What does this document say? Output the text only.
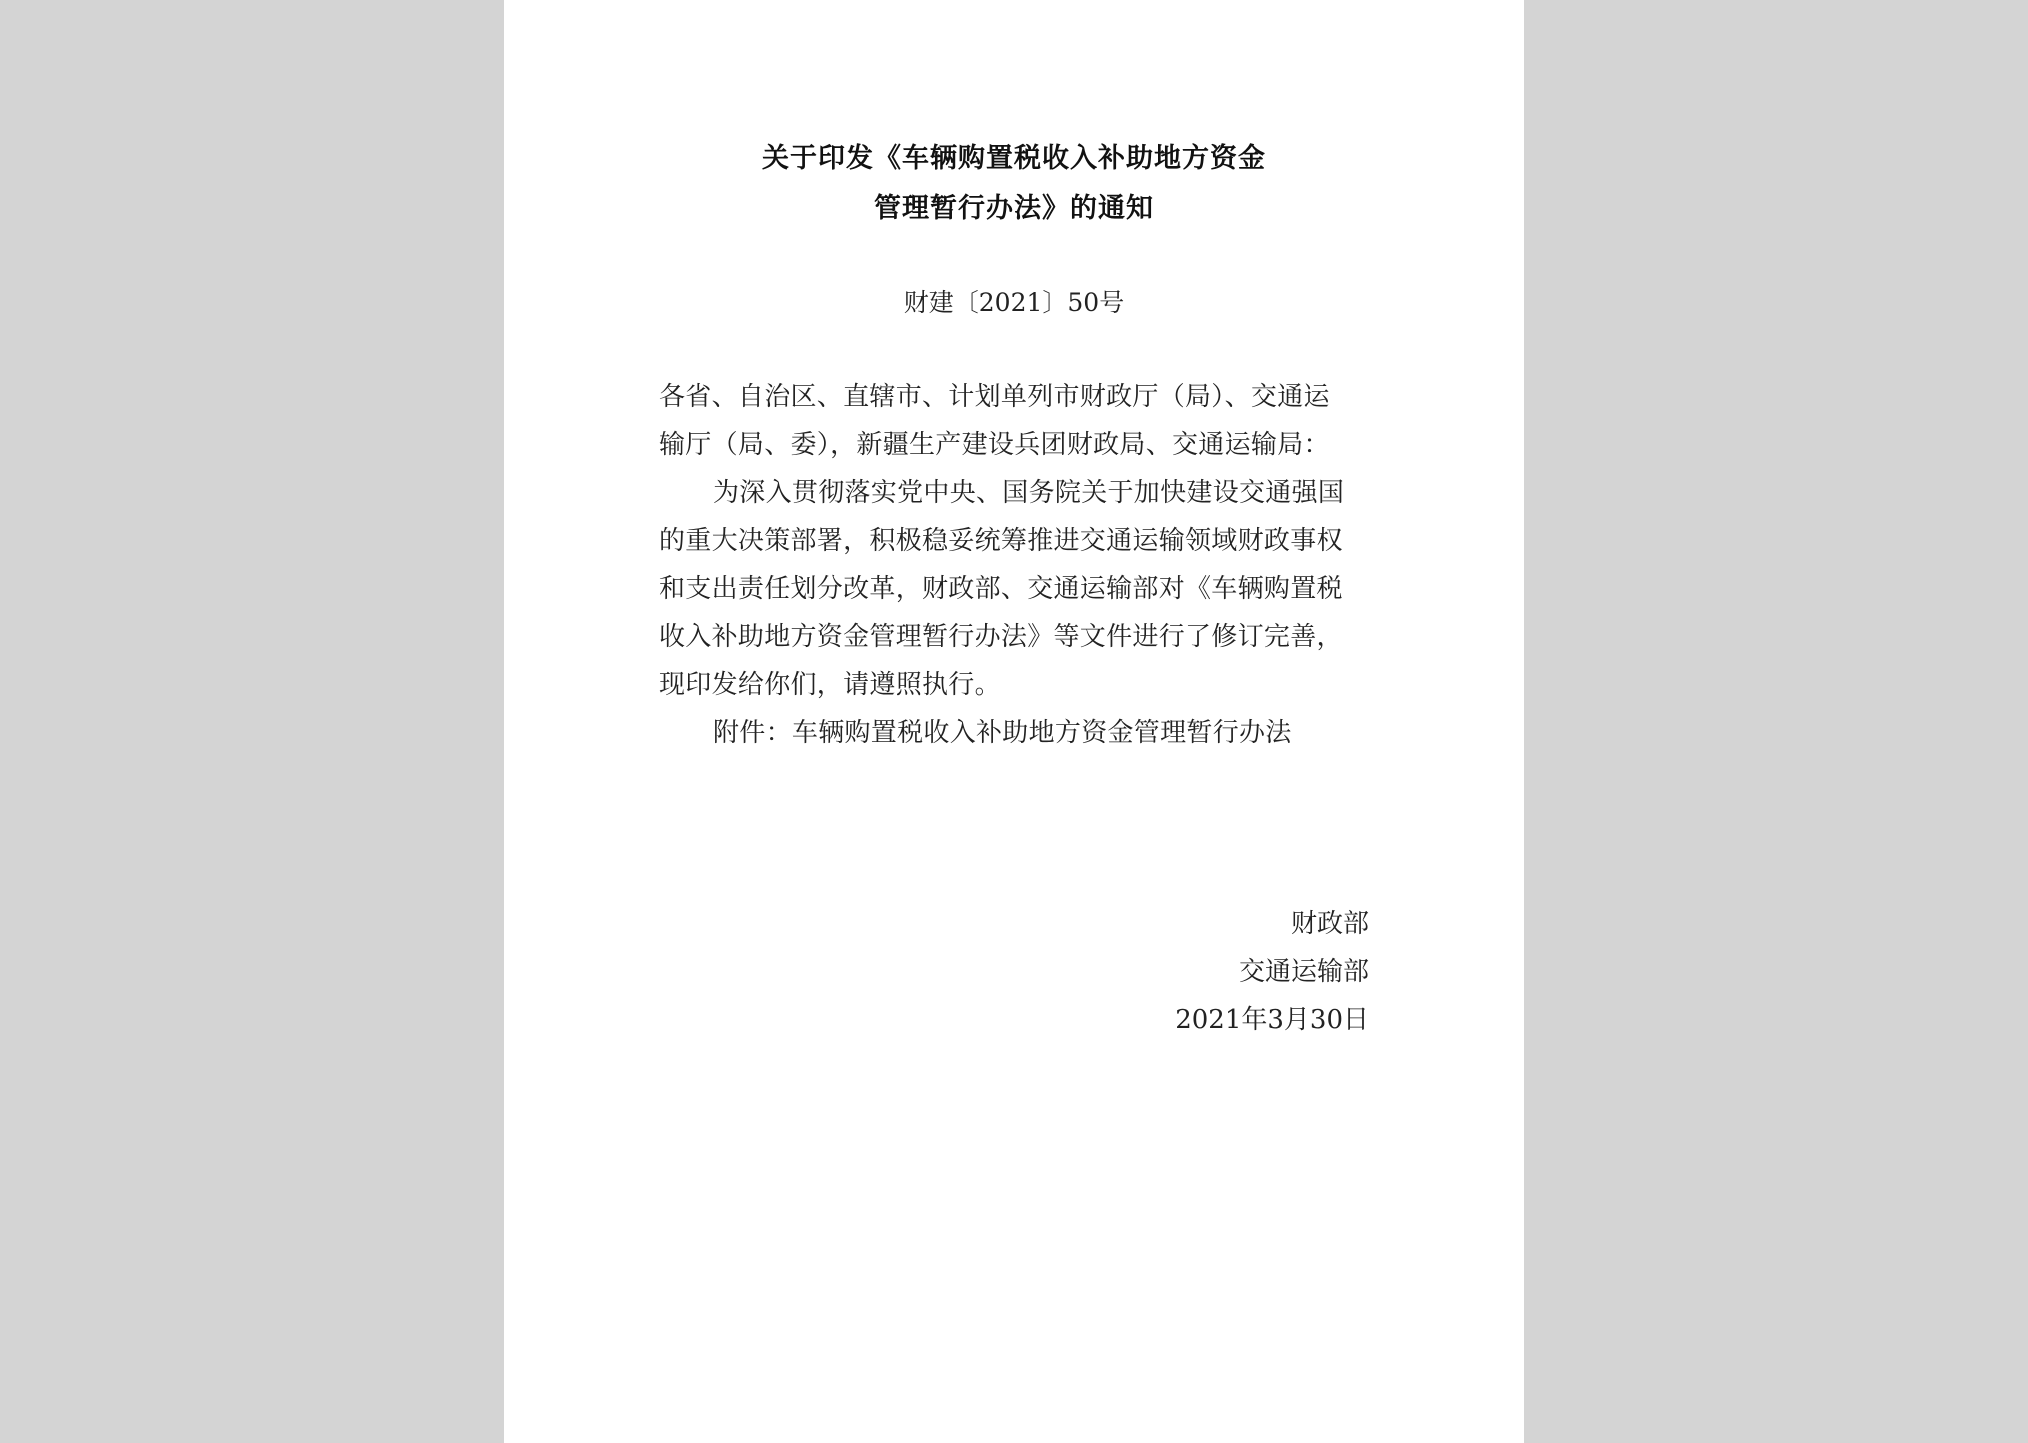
关于印发《车辆购置税收入补助地方资金
管理暂行办法》的通知
财建〔2021〕50号
各省、自治区、直辖市、计划单列市财政厅（局）、交通运
输厅（局、委），新疆生产建设兵团财政局、交通运输局：
为深入贯彻落实党中央、国务院关于加快建设交通强国
的重大决策部署，积极稳妥统筹推进交通运输领域财政事权
和支出责任划分改革，财政部、交通运输部对《车辆购置税
收入补助地方资金管理暂行办法》等文件进行了修订完善，
现印发给你们，请遵照执行。
附件：车辆购置税收入补助地方资金管理暂行办法
财政部
交通运输部
2021年3月30日
